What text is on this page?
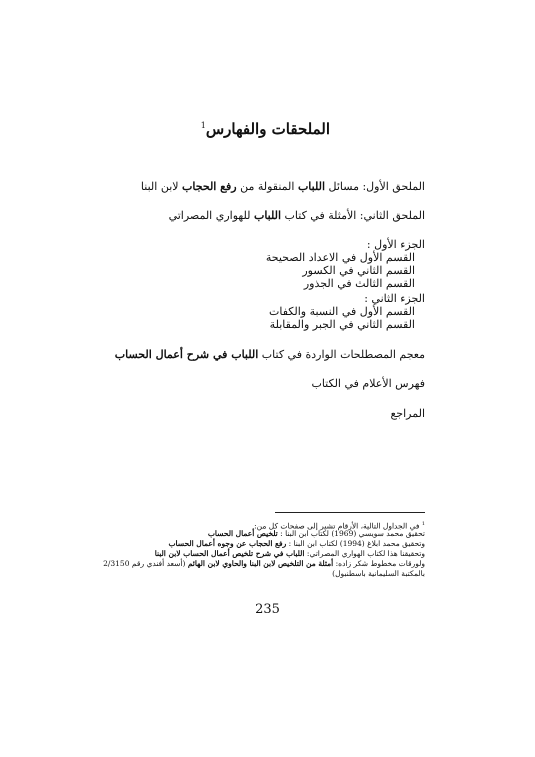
الملحقات والفهارس$^1$
الملحق الأول: مسائل اللباب المنقولة من رفع الحجاب لابن البنا
الملحق الثاني: الأمثلة في كتاب اللباب للهواري المصراتي
الجزء الأول :
القسم الأول في الاعداد الصحيحة
القسم الثاني في الكسور
القسم الثالث في الجذور
الجزء الثاني :
القسم الأول في النسبة والكفات
القسم الثاني في الجبر والمقابلة
معجم المصطلحات الواردة في كتاب اللباب في شرح أعمال الحساب
فهرس الأعلام في الكتاب
المراجع
$^1$ في الجداول التالية، الأرقام تشير إلى صفحات كل من:
تحقيق محمد سويسي (1969) لكتاب ابن البنا : تلخيص أعمال الحساب
وتحقيق محمد ابلاغ (1994) لكتاب ابن البنا : رفع الحجاب عن وجوه أعمال الحساب
وتحقيقنا هذا لكتاب الهواري المصراتي: اللباب في شرح تلخيص أعمال الحساب لابن البنا
ولورقات مخطوط شكر زاده: أمثلة من التلخيص لابن البنا والحاوي لابن الهائم (أسعد أفندي رقم 2/3150
بالمكتبة السليمانية باسطنبول)
235
